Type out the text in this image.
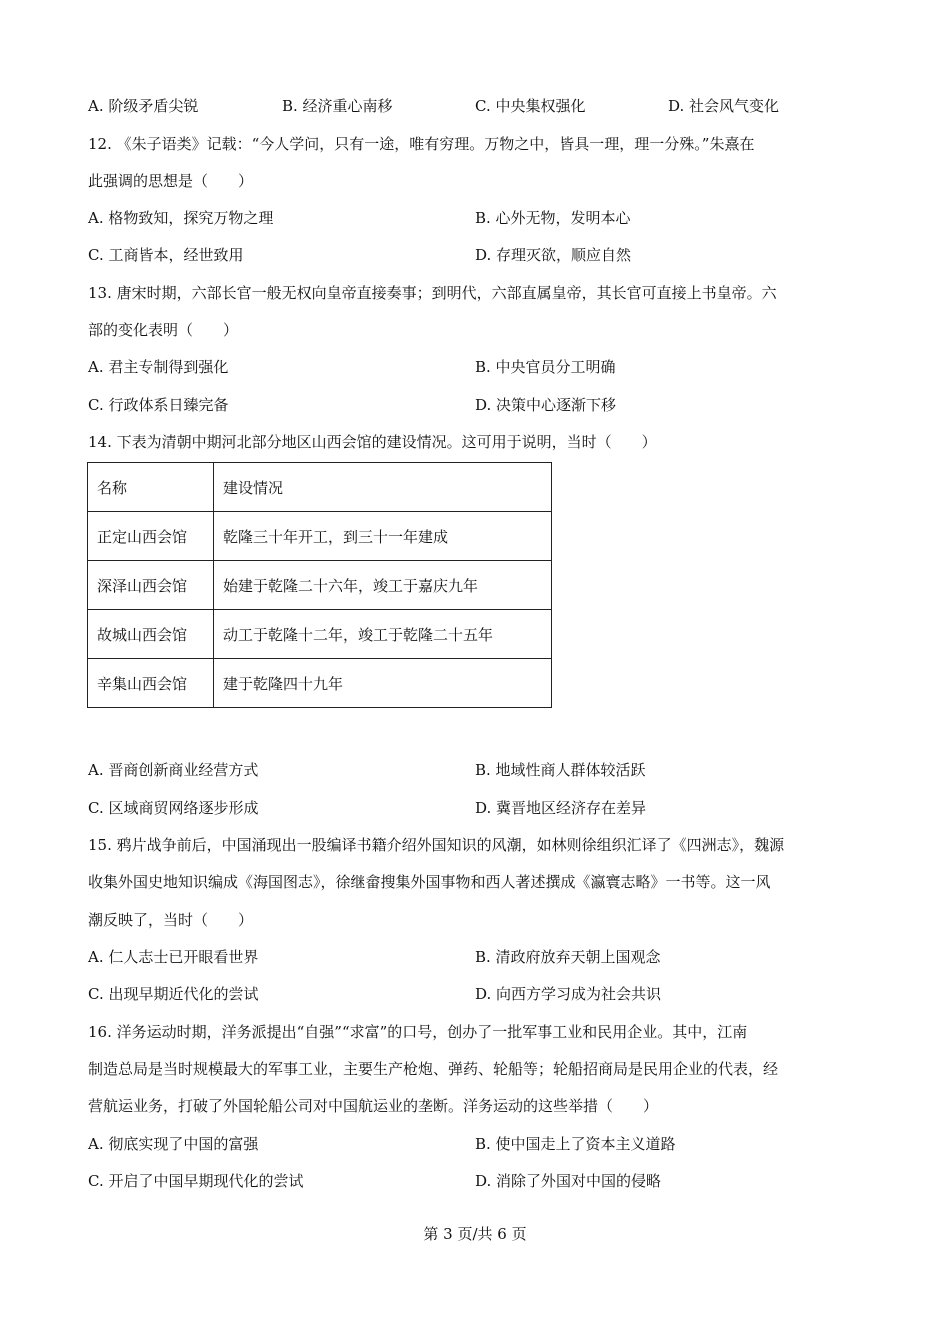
A. 阶级矛盾尖锐	B. 经济重心南移	C. 中央集权强化	D. 社会风气变化
12. 《朱子语类》记载：“今人学问，只有一途，唯有穷理。万物之中，皆具一理，理一分殊。”朱熹在
此强调的思想是（　　）
A. 格物致知，探究万物之理	B. 心外无物，发明本心
C. 工商皆本，经世致用	D. 存理灭欲，顺应自然
13. 唐宋时期，六部长官一般无权向皇帝直接奏事；到明代，六部直属皇帝，其长官可直接上书皇帝。六
部的变化表明（　　）
A. 君主专制得到强化	B. 中央官员分工明确
C. 行政体系日臻完备	D. 决策中心逐渐下移
14. 下表为清朝中期河北部分地区山西会馆的建设情况。这可用于说明，当时（　　）
名称	建设情况
正定山西会馆	乾隆三十年开工，到三十一年建成
深泽山西会馆	始建于乾隆二十六年，竣工于嘉庆九年
故城山西会馆	动工于乾隆十二年，竣工于乾隆二十五年
辛集山西会馆	建于乾隆四十九年
A. 晋商创新商业经营方式	B. 地域性商人群体较活跃
C. 区域商贸网络逐步形成	D. 冀晋地区经济存在差异
15. 鸦片战争前后，中国涌现出一股编译书籍介绍外国知识的风潮，如林则徐组织汇译了《四洲志》，魏源
收集外国史地知识编成《海国图志》，徐继畲搜集外国事物和西人著述撰成《瀛寰志略》一书等。这一风
潮反映了，当时（　　）
A. 仁人志士已开眼看世界	B. 清政府放弃天朝上国观念
C. 出现早期近代化的尝试	D. 向西方学习成为社会共识
16. 洋务运动时期，洋务派提出“自强”“求富”的口号，创办了一批军事工业和民用企业。其中，江南
制造总局是当时规模最大的军事工业，主要生产枪炮、弹药、轮船等；轮船招商局是民用企业的代表，经
营航运业务，打破了外国轮船公司对中国航运业的垄断。洋务运动的这些举措（　　）
A. 彻底实现了中国的富强	B. 使中国走上了资本主义道路
C. 开启了中国早期现代化的尝试	D. 消除了外国对中国的侵略
第 3 页/共 6 页
